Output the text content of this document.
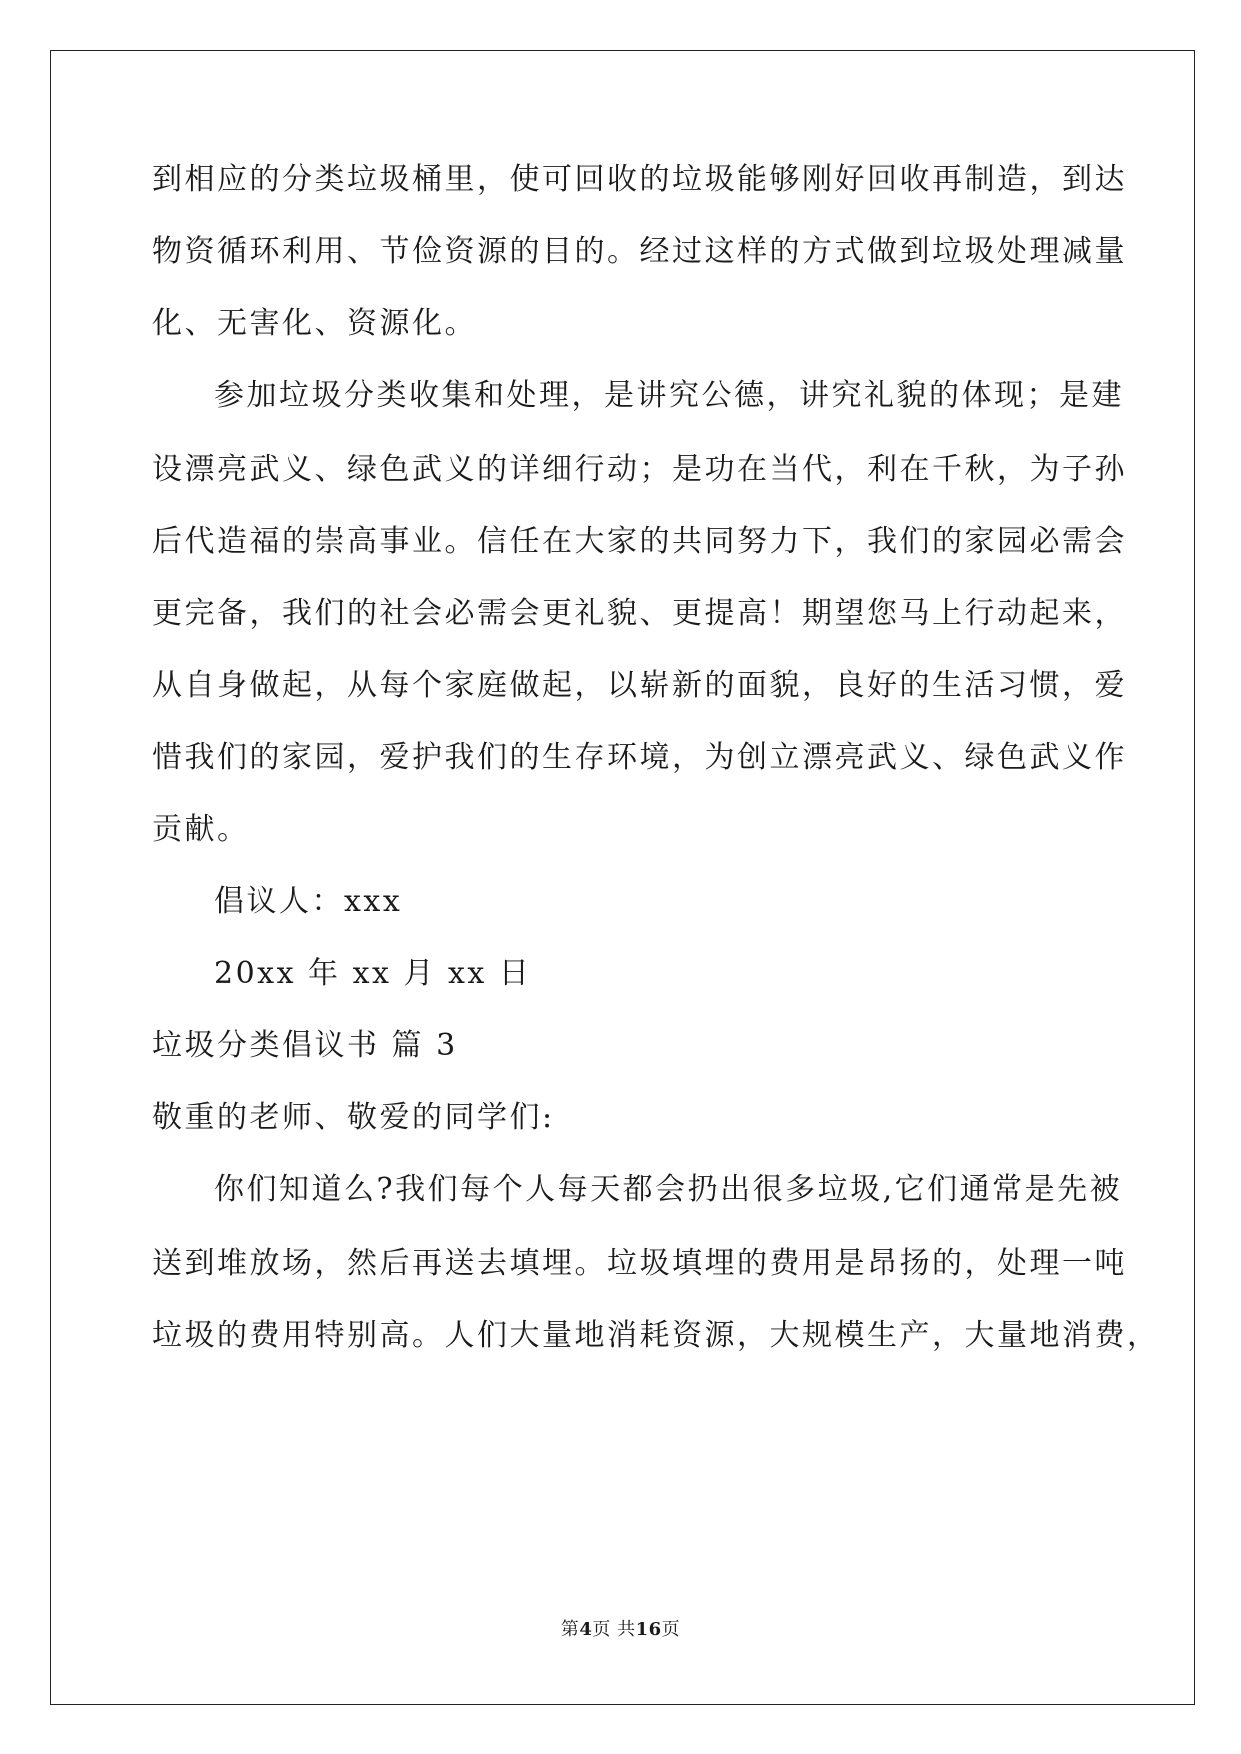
到相应的分类垃圾桶里，使可回收的垃圾能够刚好回收再制造，到达
物资循环利用、节俭资源的目的。经过这样的方式做到垃圾处理减量
化、无害化、资源化。
参加垃圾分类收集和处理，是讲究公德，讲究礼貌的体现；是建
设漂亮武义、绿色武义的详细行动；是功在当代，利在千秋，为子孙
后代造福的崇高事业。信任在大家的共同努力下，我们的家园必需会
更完备，我们的社会必需会更礼貌、更提高！期望您马上行动起来，
从自身做起，从每个家庭做起，以崭新的面貌，良好的生活习惯，爱
惜我们的家园，爱护我们的生存环境，为创立漂亮武义、绿色武义作
贡献。
倡议人：xxx
20xx 年 xx 月 xx 日
垃圾分类倡议书 篇 3
敬重的老师、敬爱的同学们:
你们知道么?我们每个人每天都会扔出很多垃圾,它们通常是先被
送到堆放场，然后再送去填埋。垃圾填埋的费用是昂扬的，处理一吨
垃圾的费用特别高。人们大量地消耗资源，大规模生产，大量地消费，
第4页 共16页
